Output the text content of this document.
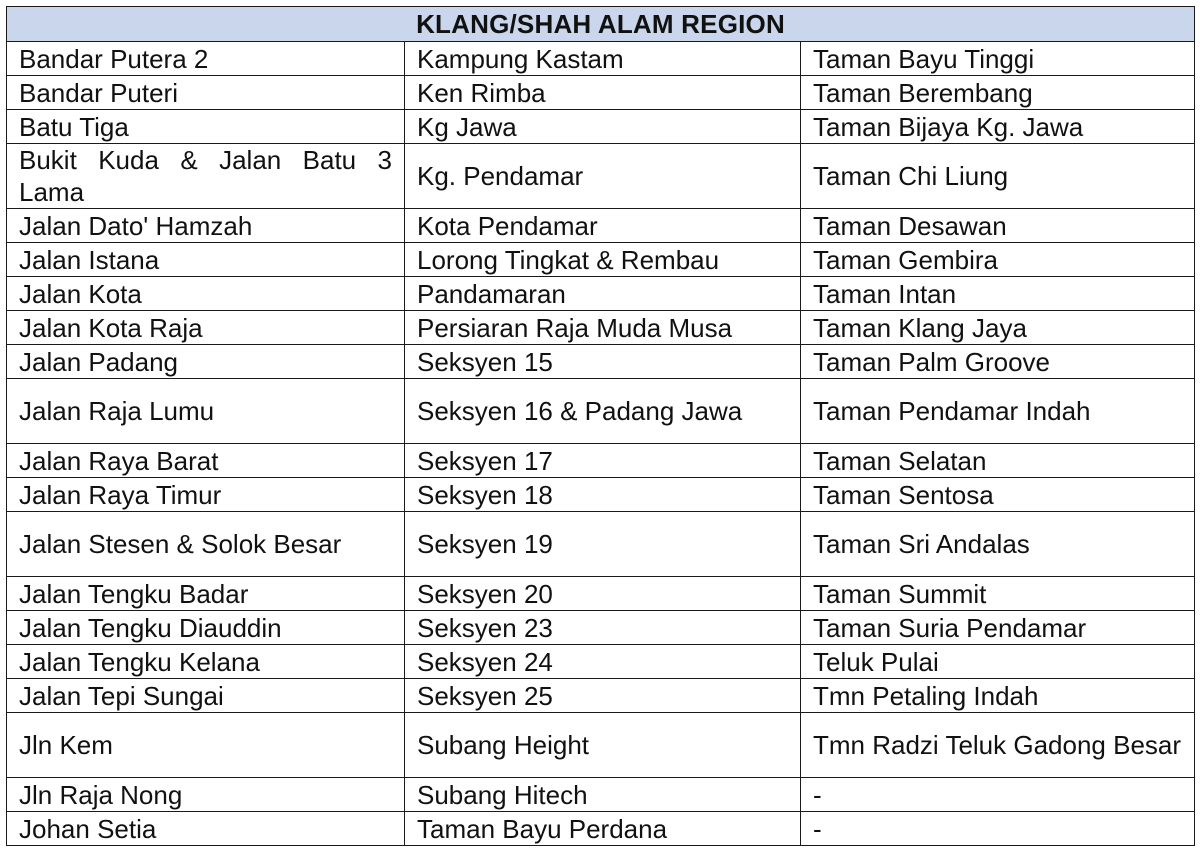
KLANG/SHAH ALAM REGION		
Bandar Putera 2	Kampung Kastam	Taman Bayu Tinggi
Bandar Puteri	Ken Rimba	Taman Berembang
Batu Tiga	Kg Jawa	Taman Bijaya Kg. Jawa
Bukit Kuda & Jalan Batu 3 Lama	Kg. Pendamar	Taman Chi Liung
Jalan Dato' Hamzah	Kota Pendamar	Taman Desawan
Jalan Istana	Lorong Tingkat & Rembau	Taman Gembira
Jalan Kota	Pandamaran	Taman Intan
Jalan Kota Raja	Persiaran Raja Muda Musa	Taman Klang Jaya
Jalan Padang	Seksyen 15	Taman Palm Groove
Jalan Raja Lumu	Seksyen 16 & Padang Jawa	Taman Pendamar Indah
Jalan Raya Barat	Seksyen 17	Taman Selatan
Jalan Raya Timur	Seksyen 18	Taman Sentosa
Jalan Stesen & Solok Besar	Seksyen 19	Taman Sri Andalas
Jalan Tengku Badar	Seksyen 20	Taman Summit
Jalan Tengku Diauddin	Seksyen 23	Taman Suria Pendamar
Jalan Tengku Kelana	Seksyen 24	Teluk Pulai
Jalan Tepi Sungai	Seksyen 25	Tmn Petaling Indah
Jln Kem	Subang Height	Tmn Radzi Teluk Gadong Besar
Jln Raja Nong	Subang Hitech	-
Johan Setia	Taman Bayu Perdana	-
